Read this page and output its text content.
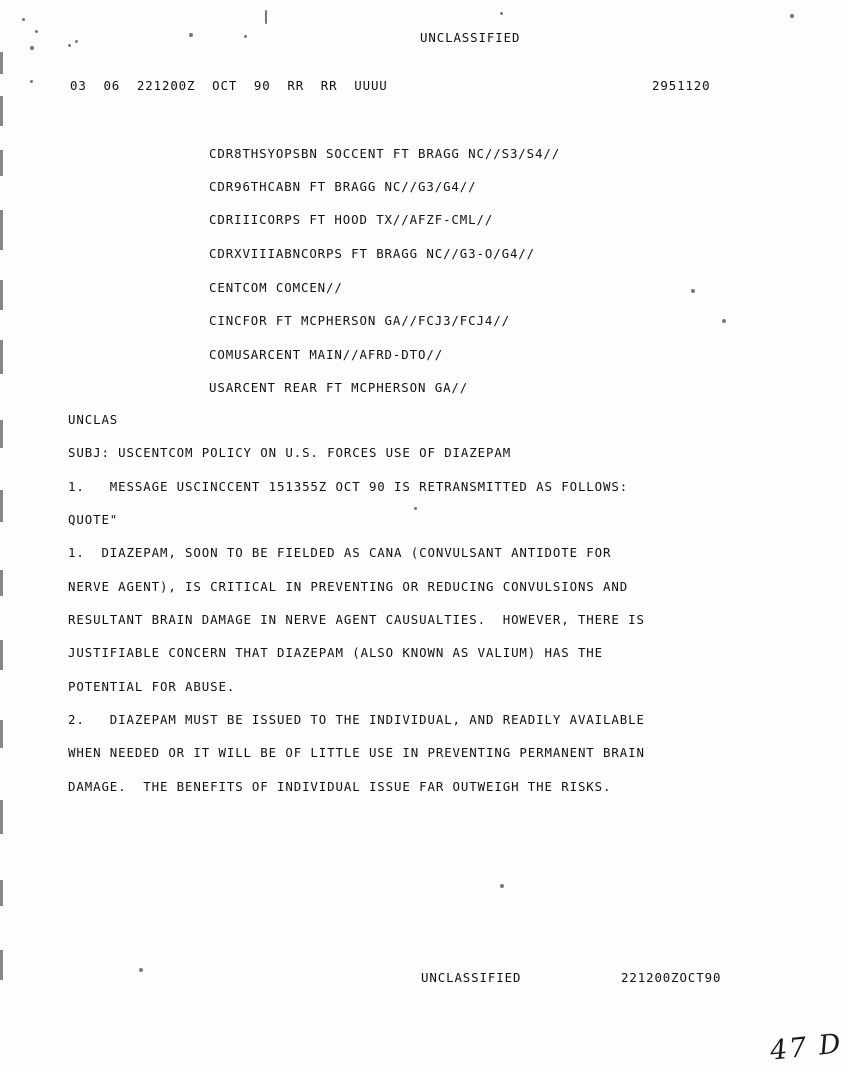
UNCLASSIFIED
03  06  221200Z  OCT  90  RR  RR  UUUU	2951120
CDR8THSYOPSBN SOCCENT FT BRAGG NC//S3/S4//
CDR96THCABN FT BRAGG NC//G3/G4//
CDRIIICORPS FT HOOD TX//AFZF-CML//
CDRXVIIIABNCORPS FT BRAGG NC//G3-O/G4//
CENTCOM COMCEN//
CINCFOR FT MCPHERSON GA//FCJ3/FCJ4//
COMUSARCENT MAIN//AFRD-DTO//
USARCENT REAR FT MCPHERSON GA//
UNCLAS
SUBJ: USCENTCOM POLICY ON U.S. FORCES USE OF DIAZEPAM
1.   MESSAGE USCINCCENT 151355Z OCT 90 IS RETRANSMITTED AS FOLLOWS:
QUOTE"
1.  DIAZEPAM, SOON TO BE FIELDED AS CANA (CONVULSANT ANTIDOTE FOR
NERVE AGENT), IS CRITICAL IN PREVENTING OR REDUCING CONVULSIONS AND
RESULTANT BRAIN DAMAGE IN NERVE AGENT CAUSUALTIES.  HOWEVER, THERE IS
JUSTIFIABLE CONCERN THAT DIAZEPAM (ALSO KNOWN AS VALIUM) HAS THE
POTENTIAL FOR ABUSE.
2.   DIAZEPAM MUST BE ISSUED TO THE INDIVIDUAL, AND READILY AVAILABLE
WHEN NEEDED OR IT WILL BE OF LITTLE USE IN PREVENTING PERMANENT BRAIN
DAMAGE.  THE BENEFITS OF INDIVIDUAL ISSUE FAR OUTWEIGH THE RISKS.
UNCLASSIFIED	221200ZOCT90
47 D
